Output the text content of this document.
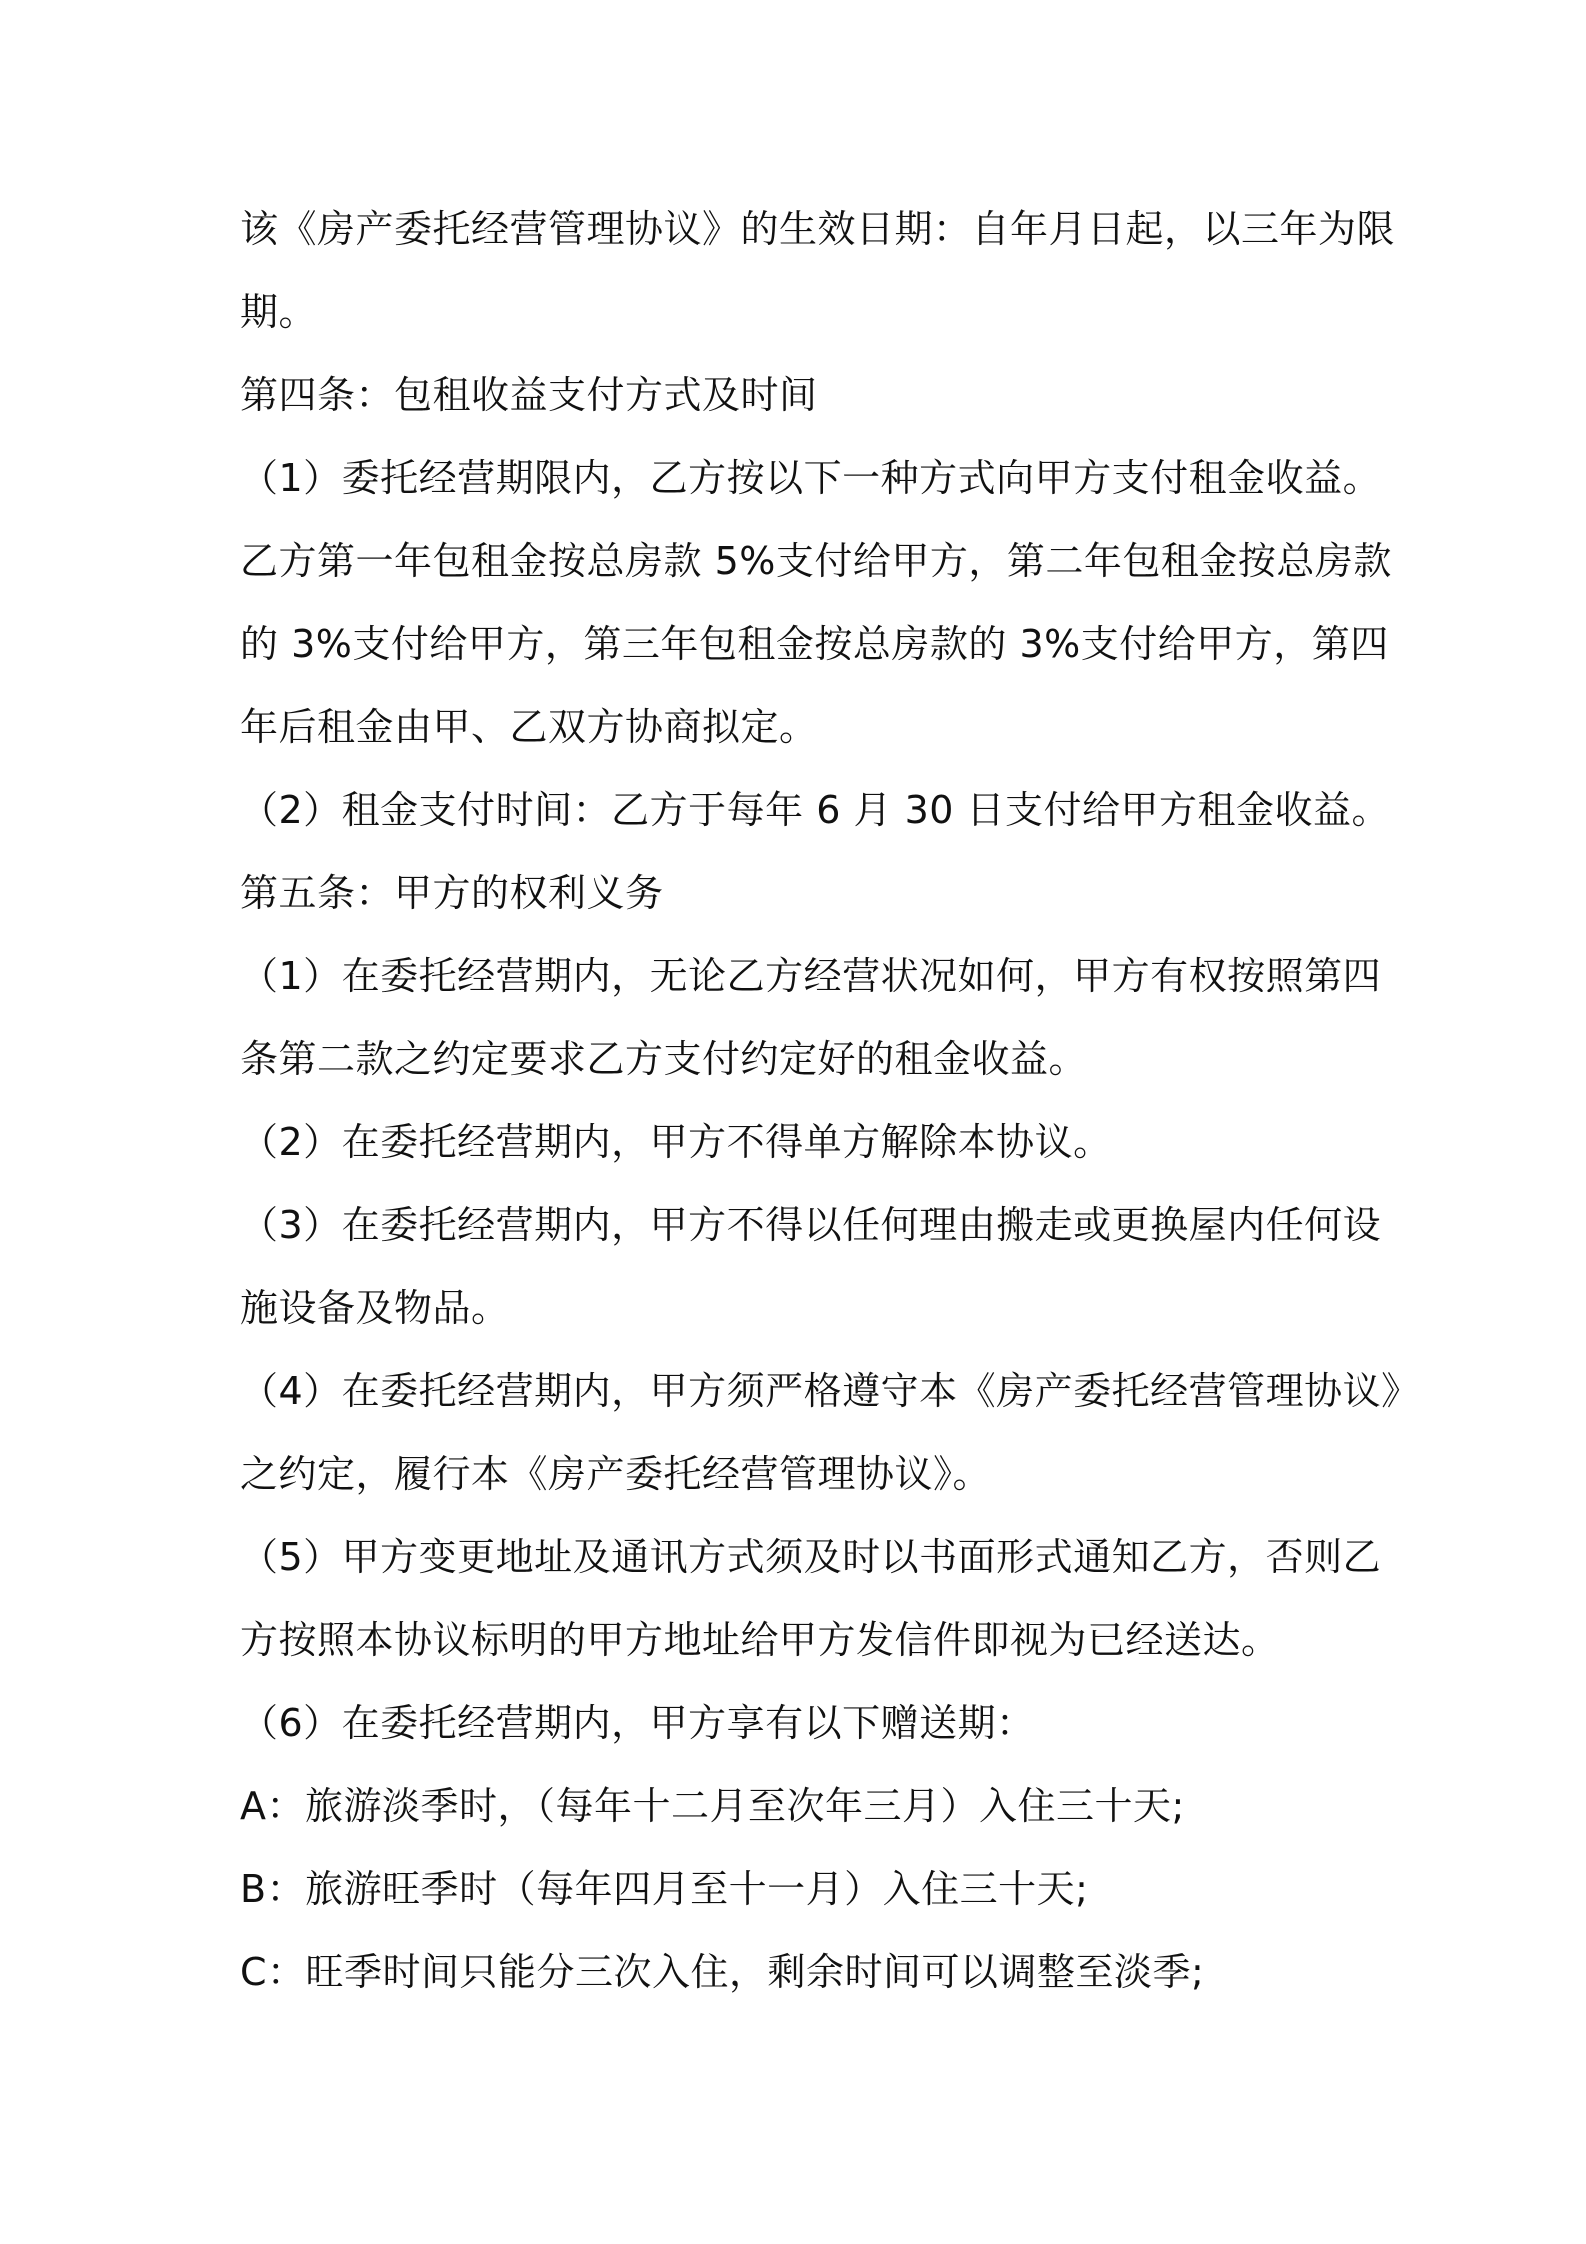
该《房产委托经营管理协议》的生效日期：自年月日起，以三年为限
期。
第四条：包租收益支付方式及时间
（1）委托经营期限内，乙方按以下一种方式向甲方支付租金收益。
乙方第一年包租金按总房款 5%支付给甲方，第二年包租金按总房款
的 3%支付给甲方，第三年包租金按总房款的 3%支付给甲方，第四
年后租金由甲、乙双方协商拟定。
（2）租金支付时间：乙方于每年 6 月 30 日支付给甲方租金收益。
第五条：甲方的权利义务
（1）在委托经营期内，无论乙方经营状况如何，甲方有权按照第四
条第二款之约定要求乙方支付约定好的租金收益。
（2）在委托经营期内，甲方不得单方解除本协议。
（3）在委托经营期内，甲方不得以任何理由搬走或更换屋内任何设
施设备及物品。
（4）在委托经营期内，甲方须严格遵守本《房产委托经营管理协议》
之约定，履行本《房产委托经营管理协议》。
（5）甲方变更地址及通讯方式须及时以书面形式通知乙方，否则乙
方按照本协议标明的甲方地址给甲方发信件即视为已经送达。
（6）在委托经营期内，甲方享有以下赠送期：
A：旅游淡季时，（每年十二月至次年三月）入住三十天;
B：旅游旺季时（每年四月至十一月）入住三十天;
C：旺季时间只能分三次入住，剩余时间可以调整至淡季;
